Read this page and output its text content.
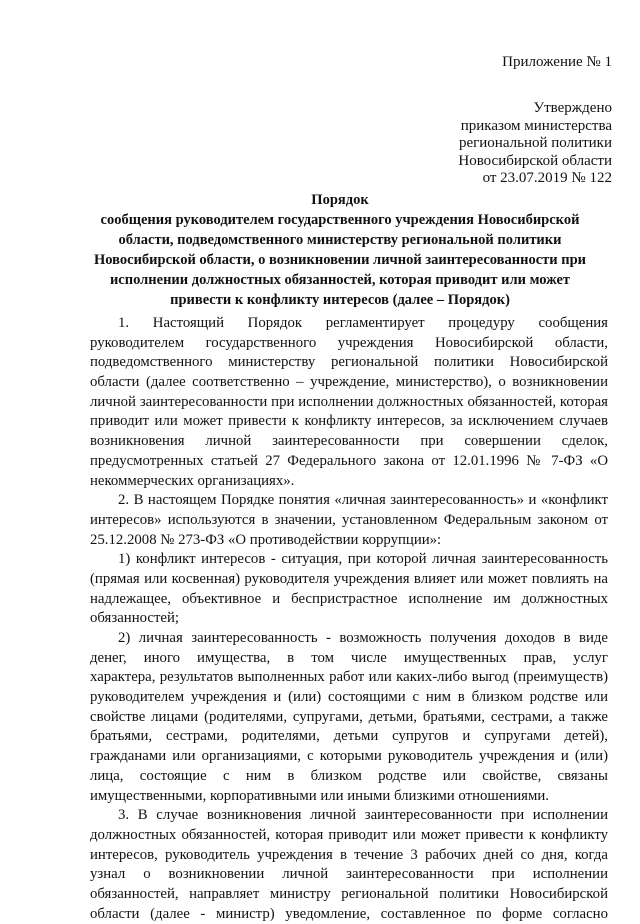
Приложение № 1
Утверждено
приказом министерства
региональной политики
Новосибирской области
от 23.07.2019 № 122
Порядок
сообщения руководителем государственного учреждения Новосибирской
области, подведомственного министерству региональной политики
Новосибирской области, о возникновении личной заинтересованности при
исполнении должностных обязанностей, которая приводит или может
привести к конфликту интересов (далее – Порядок)
1. Настоящий Порядок регламентирует процедуру сообщения
руководителем государственного учреждения Новосибирской области,
подведомственного министерству региональной политики Новосибирской
области (далее соответственно – учреждение, министерство), о возникновении
личной заинтересованности при исполнении должностных обязанностей, которая
приводит или может привести к конфликту интересов, за исключением случаев
возникновения личной заинтересованности при совершении сделок,
предусмотренных статьей 27 Федерального закона от 12.01.1996 № 7-ФЗ «О
некоммерческих организациях».
2. В настоящем Порядке понятия «личная заинтересованность» и «конфликт
интересов» используются в значении, установленном Федеральным законом от
25.12.2008 № 273-ФЗ «О противодействии коррупции»:
1) конфликт интересов - ситуация, при которой личная заинтересованность
(прямая или косвенная) руководителя учреждения влияет или может повлиять на
надлежащее, объективное и беспристрастное исполнение им должностных
обязанностей;
2) личная заинтересованность - возможность получения доходов в виде
денег, иного имущества, в том числе имущественных прав, услуг
характера, результатов выполненных работ или каких-либо выгод (преимуществ)
руководителем учреждения и (или) состоящими с ним в близком родстве или
свойстве лицами (родителями, супругами, детьми, братьями, сестрами, а также
братьями, сестрами, родителями, детьми супругов и супругами детей),
гражданами или организациями, с которыми руководитель учреждения и (или)
лица, состоящие с ним в близком родстве или свойстве, связаны
имущественными, корпоративными или иными близкими отношениями.
3. В случае возникновения личной заинтересованности при исполнении
должностных обязанностей, которая приводит или может привести к конфликту
интересов, руководитель учреждения в течение 3 рабочих дней со дня, когда
узнал о возникновении личной заинтересованности при исполнении
обязанностей, направляет министру региональной политики Новосибирской
области (далее - министр) уведомление, составленное по форме согласно
